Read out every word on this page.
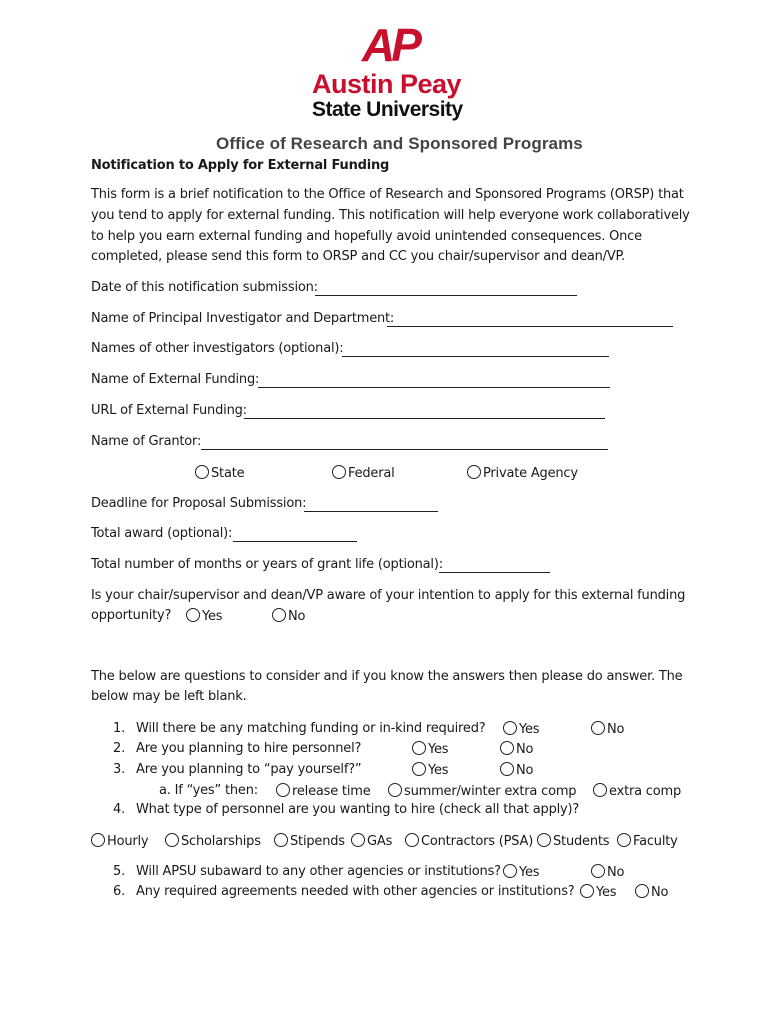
AP
Austin Peay
State University
Office of Research and Sponsored Programs
Notification to Apply for External Funding
This form is a brief notification to the Office of Research and Sponsored Programs (ORSP) that
you tend to apply for external funding. This notification will help everyone work collaboratively
to help you earn external funding and hopefully avoid unintended consequences. Once
completed, please send this form to ORSP and CC you chair/supervisor and dean/VP.
Date of this notification submission:
Name of Principal Investigator and Department:
Names of other investigators (optional):
Name of External Funding:
URL of External Funding:
Name of Grantor:
State	Federal	Private Agency
Deadline for Proposal Submission:
Total award (optional):
Total number of months or years of grant life (optional):
Is your chair/supervisor and dean/VP aware of your intention to apply for this external funding
opportunity?	Yes	No
The below are questions to consider and if you know the answers then please do answer. The
below may be left blank.
1. Will there be any matching funding or in-kind required?	Yes	No
2. Are you planning to hire personnel?	Yes	No
3. Are you planning to “pay yourself?”	Yes	No
a. If “yes” then:	release time	summer/winter extra comp	extra comp
4. What type of personnel are you wanting to hire (check all that apply)?
Hourly	Scholarships	Stipends	GAs	Contractors (PSA)	Students	Faculty
5. Will APSU subaward to any other agencies or institutions?	Yes	No
6. Any required agreements needed with other agencies or institutions?	Yes	No
